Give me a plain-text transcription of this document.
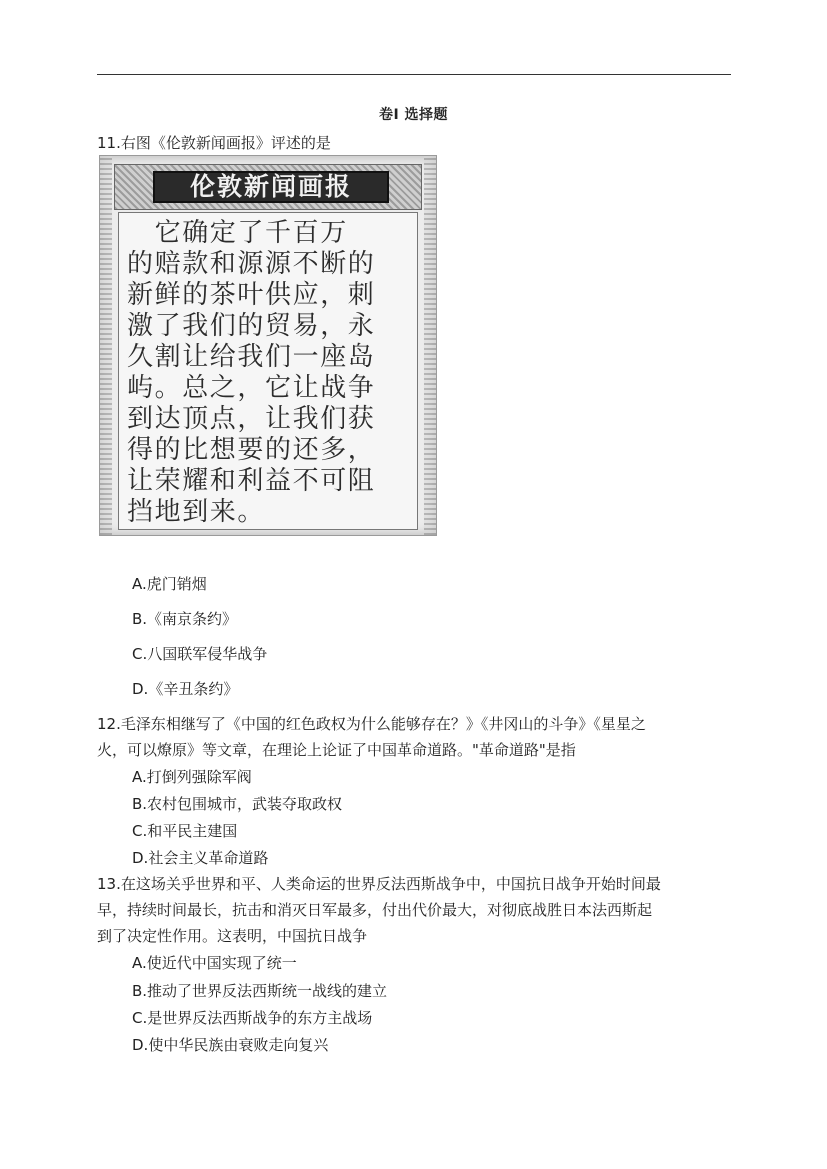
卷I 选择题
11.右图《伦敦新闻画报》评述的是
伦敦新闻画报
　它确定了千百万
的赔款和源源不断的
新鲜的茶叶供应，刺
激了我们的贸易，永
久割让给我们一座岛
屿。总之，它让战争
到达顶点，让我们获
得的比想要的还多，
让荣耀和利益不可阻
挡地到来。
A.虎门销烟
B.《南京条约》
C.八国联军侵华战争
D.《辛丑条约》
12.毛泽东相继写了《中国的红色政权为什么能够存在？》《井冈山的斗争》《星星之
火，可以燎原》等文章，在理论上论证了中国革命道路。"革命道路"是指
A.打倒列强除军阀
B.农村包围城市，武装夺取政权
C.和平民主建国
D.社会主义革命道路
13.在这场关乎世界和平、人类命运的世界反法西斯战争中，中国抗日战争开始时间最
早，持续时间最长，抗击和消灭日军最多，付出代价最大，对彻底战胜日本法西斯起
到了决定性作用。这表明，中国抗日战争
A.使近代中国实现了统一
B.推动了世界反法西斯统一战线的建立
C.是世界反法西斯战争的东方主战场
D.使中华民族由衰败走向复兴
